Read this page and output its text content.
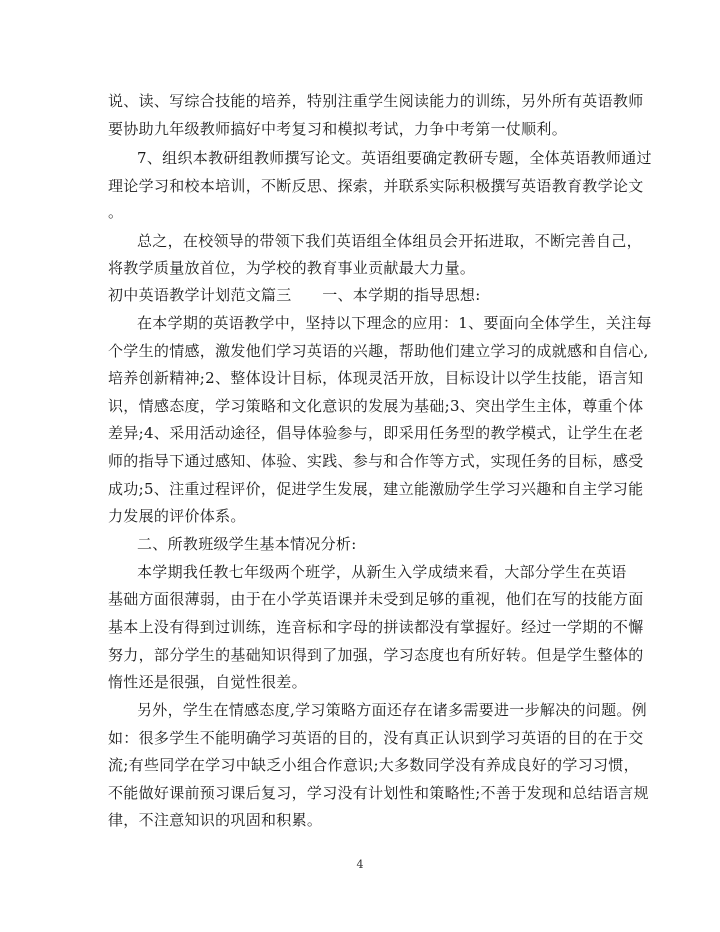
说、读、写综合技能的培养，特别注重学生阅读能力的训练，另外所有英语教师
要协助九年级教师搞好中考复习和模拟考试，力争中考第一仗顺利。
7、组织本教研组教师撰写论文。英语组要确定教研专题，全体英语教师通过
理论学习和校本培训，不断反思、探索，并联系实际积极撰写英语教育教学论文
。
总之，在校领导的带领下我们英语组全体组员会开拓进取，不断完善自己，
将教学质量放首位，为学校的教育事业贡献最大力量。
初中英语教学计划范文篇三　　一、本学期的指导思想:
在本学期的英语教学中，坚持以下理念的应用：1、要面向全体学生，关注每
个学生的情感，激发他们学习英语的兴趣，帮助他们建立学习的成就感和自信心,
培养创新精神;2、整体设计目标，体现灵活开放，目标设计以学生技能，语言知
识，情感态度，学习策略和文化意识的发展为基础;3、突出学生主体，尊重个体
差异;4、采用活动途径，倡导体验参与，即采用任务型的教学模式，让学生在老
师的指导下通过感知、体验、实践、参与和合作等方式，实现任务的目标，感受
成功;5、注重过程评价，促进学生发展，建立能激励学生学习兴趣和自主学习能
力发展的评价体系。
二、所教班级学生基本情况分析:
本学期我任教七年级两个班学，从新生入学成绩来看，大部分学生在英语
基础方面很薄弱，由于在小学英语课并未受到足够的重视，他们在写的技能方面
基本上没有得到过训练，连音标和字母的拼读都没有掌握好。经过一学期的不懈
努力，部分学生的基础知识得到了加强，学习态度也有所好转。但是学生整体的
惰性还是很强，自觉性很差。
另外，学生在情感态度,学习策略方面还存在诸多需要进一步解决的问题。例
如：很多学生不能明确学习英语的目的，没有真正认识到学习英语的目的在于交
流;有些同学在学习中缺乏小组合作意识;大多数同学没有养成良好的学习习惯，
不能做好课前预习课后复习，学习没有计划性和策略性;不善于发现和总结语言规
律，不注意知识的巩固和积累。
4
